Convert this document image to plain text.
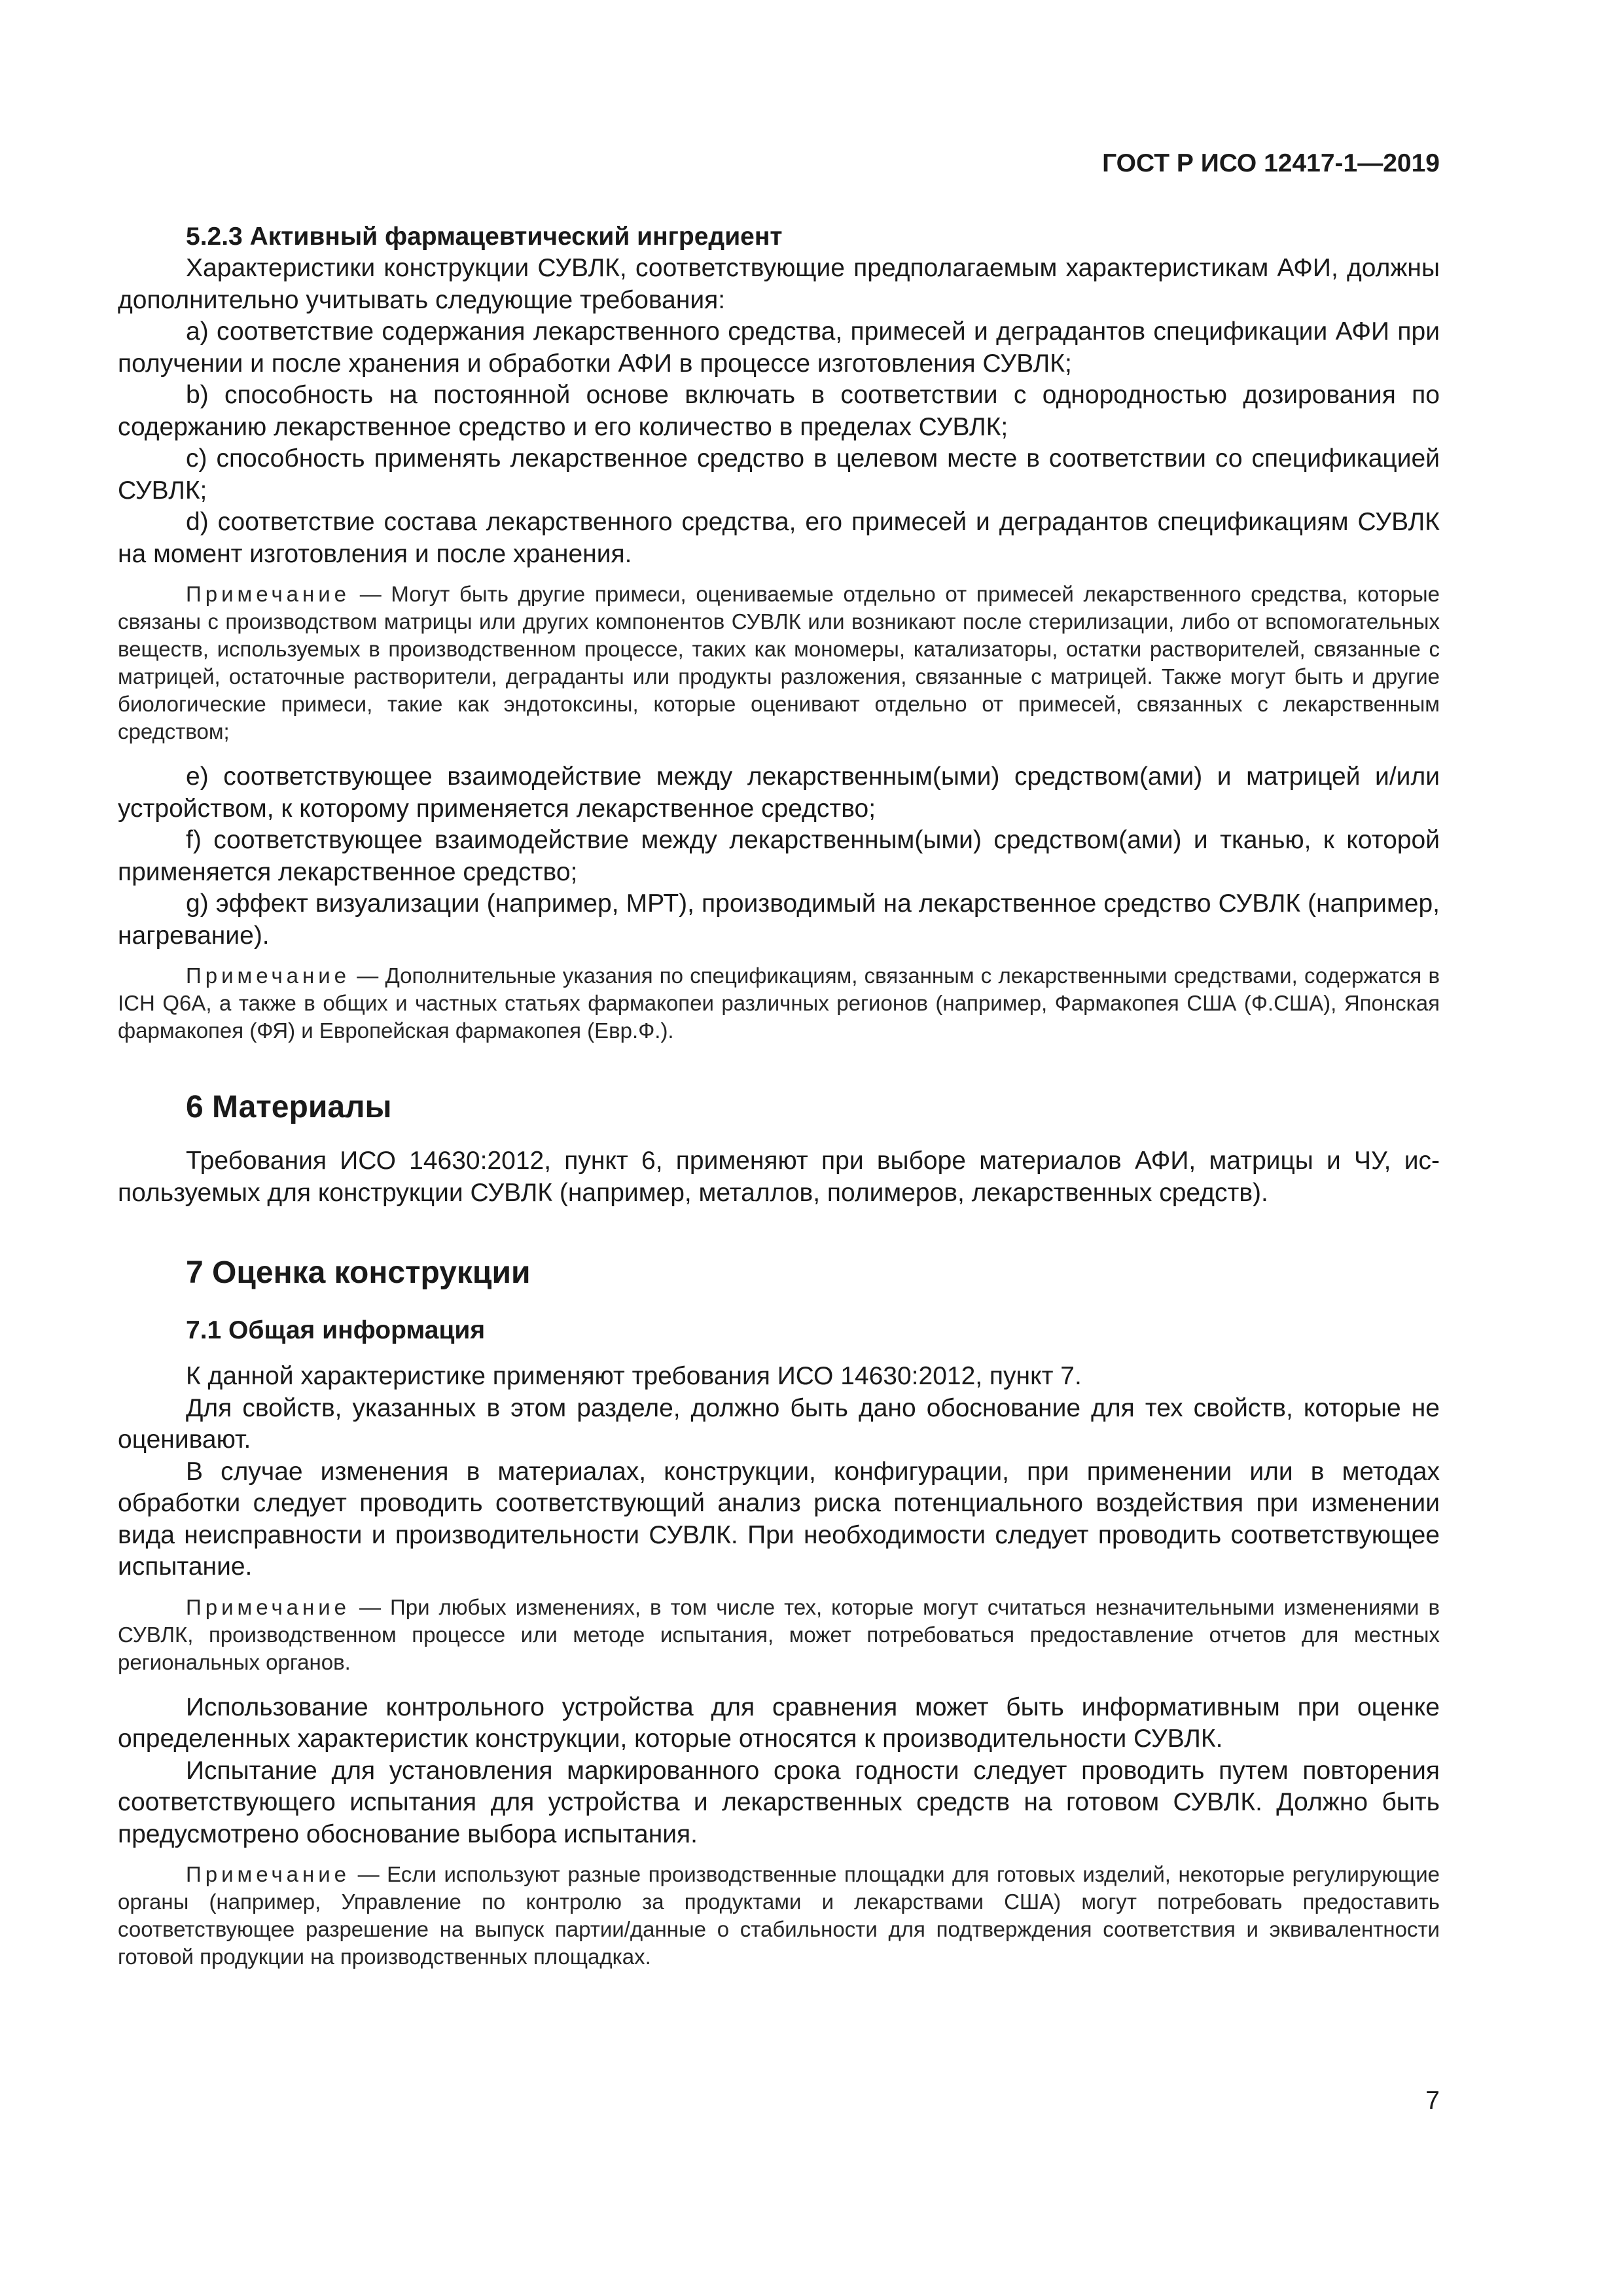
ГОСТ Р ИСО 12417-1—2019

5.2.3 Активный фармацевтический ингредиент

Характеристики конструкции СУВЛК, соответствующие предполагаемым характеристикам АФИ, должны дополнительно учитывать следующие требования:

a) соответствие содержания лекарственного средства, примесей и деградантов спецификации АФИ при получении и после хранения и обработки АФИ в процессе изготовления СУВЛК;

b) способность на постоянной основе включать в соответствии с однородностью дозирования по содержанию лекарственное средство и его количество в пределах СУВЛК;

c) способность применять лекарственное средство в целевом месте в соответствии со спецификацией СУВЛК;

d) соответствие состава лекарственного средства, его примесей и деградантов спецификациям СУВЛК на момент изготовления и после хранения.

Примечание — Могут быть другие примеси, оцениваемые отдельно от примесей лекарственного средства, которые связаны с производством матрицы или других компонентов СУВЛК или возникают после стерилизации, либо от вспомогательных веществ, используемых в производственном процессе, таких как мономеры, катализаторы, остатки растворителей, связанные с матрицей, остаточные растворители, деграданты или продукты разложения, связанные с матрицей. Также могут быть и другие биологические примеси, такие как эндотоксины, которые оценивают отдельно от примесей, связанных с лекарственным средством;

e) соответствующее взаимодействие между лекарственным(ыми) средством(ами) и матрицей и/или устройством, к которому применяется лекарственное средство;

f) соответствующее взаимодействие между лекарственным(ыми) средством(ами) и тканью, к которой применяется лекарственное средство;

g) эффект визуализации (например, МРТ), производимый на лекарственное средство СУВЛК (например, нагревание).

Примечание — Дополнительные указания по спецификациям, связанным с лекарственными средствами, содержатся в ICH Q6A, а также в общих и частных статьях фармакопеи различных регионов (например, Фармакопея США (Ф.США), Японская фармакопея (ФЯ) и Европейская фармакопея (Евр.Ф.).

6 Материалы

Требования ИСО 14630:2012, пункт 6, применяют при выборе материалов АФИ, матрицы и ЧУ, используемых для конструкции СУВЛК (например, металлов, полимеров, лекарственных средств).

7 Оценка конструкции

7.1 Общая информация

К данной характеристике применяют требования ИСО 14630:2012, пункт 7.

Для свойств, указанных в этом разделе, должно быть дано обоснование для тех свойств, которые не оценивают.

В случае изменения в материалах, конструкции, конфигурации, при применении или в методах обработки следует проводить соответствующий анализ риска потенциального воздействия при изменении вида неисправности и производительности СУВЛК. При необходимости следует проводить соответствующее испытание.

Примечание — При любых изменениях, в том числе тех, которые могут считаться незначительными изменениями в СУВЛК, производственном процессе или методе испытания, может потребоваться предоставление отчетов для местных региональных органов.

Использование контрольного устройства для сравнения может быть информативным при оценке определенных характеристик конструкции, которые относятся к производительности СУВЛК.

Испытание для установления маркированного срока годности следует проводить путем повторения соответствующего испытания для устройства и лекарственных средств на готовом СУВЛК. Должно быть предусмотрено обоснование выбора испытания.

Примечание — Если используют разные производственные площадки для готовых изделий, некоторые регулирующие органы (например, Управление по контролю за продуктами и лекарствами США) могут потребовать предоставить соответствующее разрешение на выпуск партии/данные о стабильности для подтверждения соответствия и эквивалентности готовой продукции на производственных площадках.

7
